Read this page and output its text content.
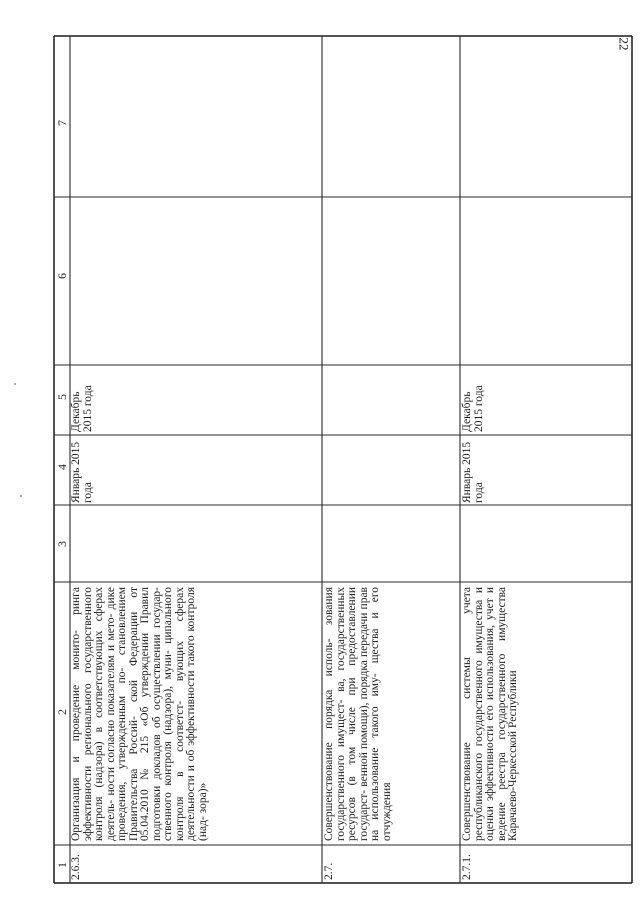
22
1
2
3
4
5
6
7
2.6.3.
Организация и проведение монито- ринга эффективности регионального государственного контроля (надзора) в соответствующих сферах деятель- ности согласно показателям и мето- дике проведения, утвержденным по- становлением Правительства Россий- ской Федерации от 05.04.2010 № 215 «Об утверждении Правил подготовки докладов об осуществлении государ- ственного контроля (надзора), муни- ципального контроля в соответст- вующих сферах деятельности и об эффективности такого контроля (над- зора)»
Январь 2015 года
Декабрь 2015 года
2.7.
Совершенствование порядка исполь- зования государственного имущест- ва, государственных ресурсов (в том числе при предоставлении государст- венной помощи), порядка передачи прав на использование такого иму- щества и его отчуждения
2.7.1.
Совершенствование системы учета республиканского государственного имущества и оценки эффективности его использования, учет и ведение реестра государственного имущества Карачаево-Черкесской Республики
Январь 2015 года
Декабрь 2015 года
